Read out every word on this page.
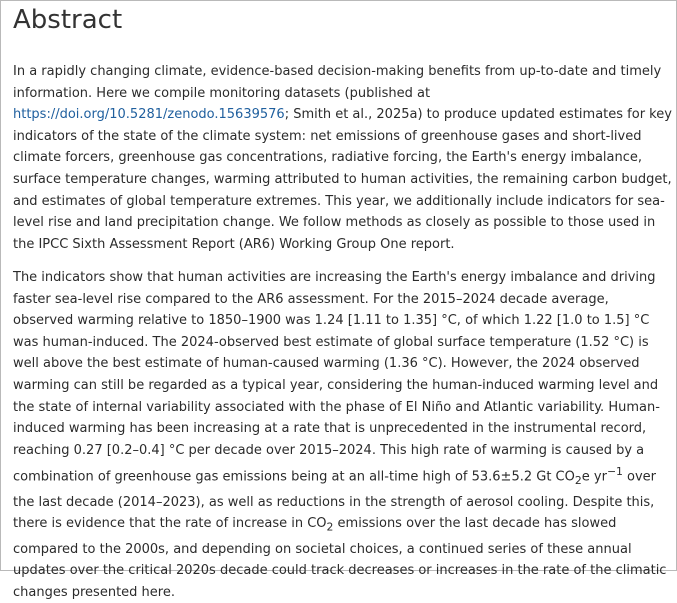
Abstract

In a rapidly changing climate, evidence-based decision-making benefits from up-to-date and timely information. Here we compile monitoring datasets (published at https://doi.org/10.5281/zenodo.15639576; Smith et al., 2025a) to produce updated estimates for key indicators of the state of the climate system: net emissions of greenhouse gases and short-lived climate forcers, greenhouse gas concentrations, radiative forcing, the Earth's energy imbalance, surface temperature changes, warming attributed to human activities, the remaining carbon budget, and estimates of global temperature extremes. This year, we additionally include indicators for sea-level rise and land precipitation change. We follow methods as closely as possible to those used in the IPCC Sixth Assessment Report (AR6) Working Group One report.

The indicators show that human activities are increasing the Earth's energy imbalance and driving faster sea-level rise compared to the AR6 assessment. For the 2015–2024 decade average, observed warming relative to 1850–1900 was 1.24 [1.11 to 1.35] °C, of which 1.22 [1.0 to 1.5] °C was human-induced. The 2024-observed best estimate of global surface temperature (1.52 °C) is well above the best estimate of human-caused warming (1.36 °C). However, the 2024 observed warming can still be regarded as a typical year, considering the human-induced warming level and the state of internal variability associated with the phase of El Niño and Atlantic variability. Human-induced warming has been increasing at a rate that is unprecedented in the instrumental record, reaching 0.27 [0.2–0.4] °C per decade over 2015–2024. This high rate of warming is caused by a combination of greenhouse gas emissions being at an all-time high of 53.6±5.2 Gt $CO_2e$ $yr^{-1}$ over the last decade (2014–2023), as well as reductions in the strength of aerosol cooling. Despite this, there is evidence that the rate of increase in $CO_2$ emissions over the last decade has slowed compared to the 2000s, and depending on societal choices, a continued series of these annual updates over the critical 2020s decade could track decreases or increases in the rate of the climatic changes presented here.
